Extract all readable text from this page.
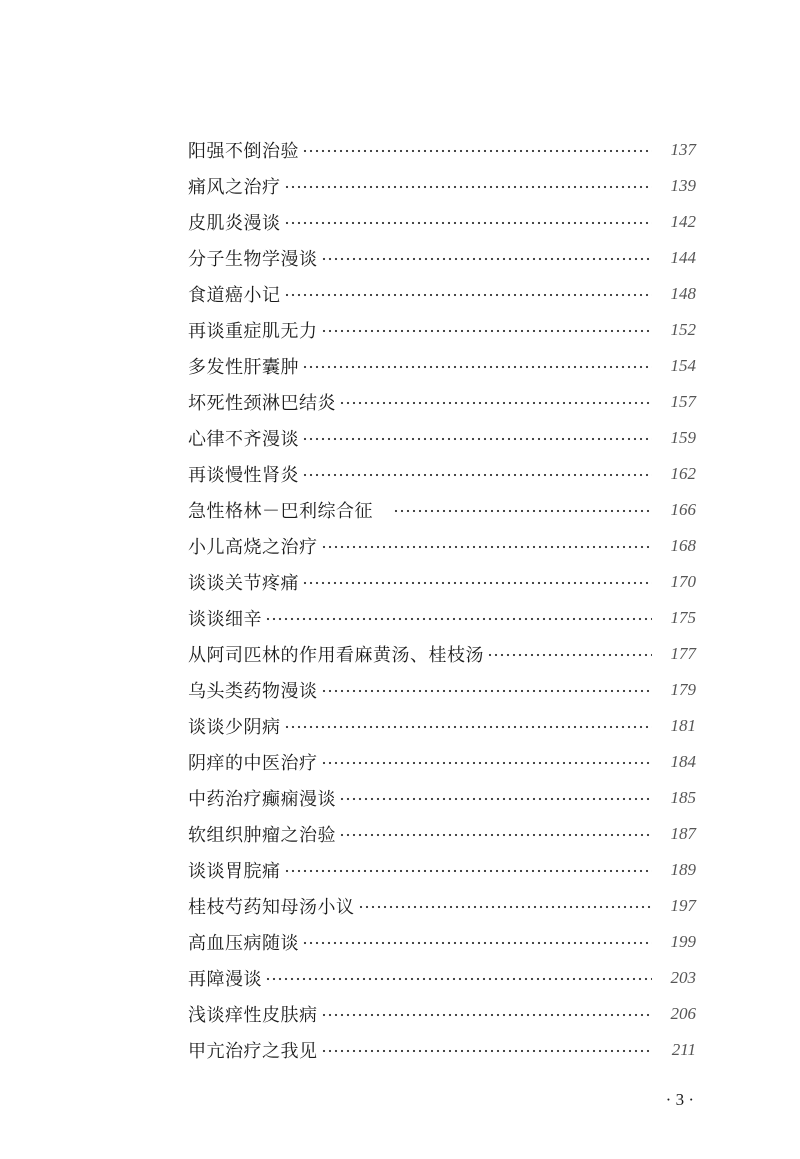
阳强不倒治验	137
痛风之治疗	139
皮肌炎漫谈	142
分子生物学漫谈	144
食道癌小记	148
再谈重症肌无力	152
多发性肝囊肿	154
坏死性颈淋巴结炎	157
心律不齐漫谈	159
再谈慢性肾炎	162
急性格林－巴利综合征	166
小儿高烧之治疗	168
谈谈关节疼痛	170
谈谈细辛	175
从阿司匹林的作用看麻黄汤、桂枝汤	177
乌头类药物漫谈	179
谈谈少阴病	181
阴痒的中医治疗	184
中药治疗癫痫漫谈	185
软组织肿瘤之治验	187
谈谈胃脘痛	189
桂枝芍药知母汤小议	197
高血压病随谈	199
再障漫谈	203
浅谈痒性皮肤病	206
甲亢治疗之我见	211
· 3 ·
